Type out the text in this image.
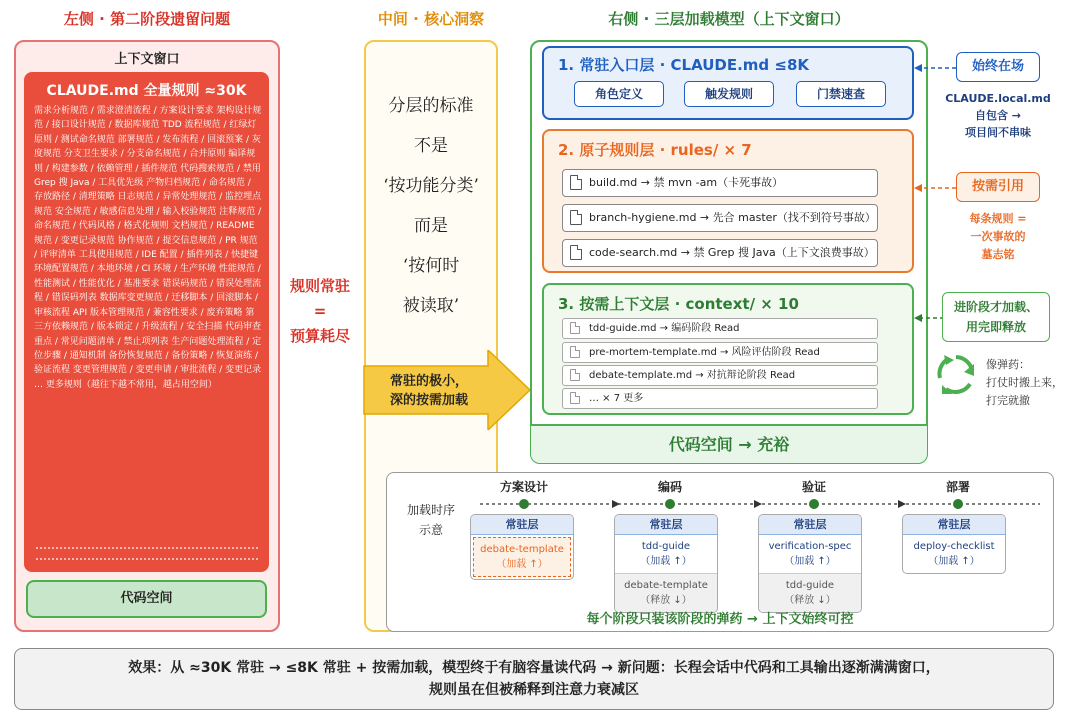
左侧 · 第二阶段遗留问题	中间 · 核心洞察	右侧 · 三层加载模型（上下文窗口）
上下文窗口
CLAUDE.md 全量规则 ≈30K
需求分析规范 / 需求澄清流程 / 方案设计要求 架构设计规范 / 接口设计规范 / 数据库规范 TDD 流程规范 / 红绿灯原则 / 测试命名规范 部署规范 / 发布流程 / 回滚预案 / 灰度规范 分支卫生要求 / 分支命名规范 / 合并原则 编译规则 / 构建参数 / 依赖管理 / 插件规范 代码搜索规范 / 禁用 Grep 搜 Java / 工具优先级 产物归档规范 / 命名规范 / 存放路径 / 清理策略 日志规范 / 异常处理规范 / 监控埋点规范 安全规范 / 敏感信息处理 / 输入校验规范 注释规范 / 命名规范 / 代码风格 / 格式化规则 文档规范 / README 规范 / 变更记录规范 协作规范 / 提交信息规范 / PR 规范 / 评审清单 工具使用规范 / IDE 配置 / 插件列表 / 快捷键 环境配置规范 / 本地环境 / CI 环境 / 生产环境 性能规范 / 性能测试 / 性能优化 / 基准要求 错误码规范 / 错误处理流程 / 错误码列表 数据库变更规范 / 迁移脚本 / 回滚脚本 / 审核流程 API 版本管理规范 / 兼容性要求 / 废弃策略 第三方依赖规范 / 版本锁定 / 升级流程 / 安全扫描 代码审查重点 / 常见问题清单 / 禁止项列表 生产问题处理流程 / 定位步骤 / 通知机制 备份恢复规范 / 备份策略 / 恢复演练 / 验证流程 变更管理规范 / 变更申请 / 审批流程 / 变更记录 … 更多规则（越往下越不常用，越占用空间）
代码空间
规则常驻
=
预算耗尽
分层的标准
不是
‘按功能分类’
而是
‘按何时
被读取’
常驻的极小，
深的按需加载
1. 常驻入口层 · CLAUDE.md ≤8K
角色定义	触发规则	门禁速查
2. 原子规则层 · rules/ × 7
build.md → 禁 mvn -am（卡死事故）
branch-hygiene.md → 先合 master（找不到符号事故）
code-search.md → 禁 Grep 搜 Java（上下文浪费事故）
3. 按需上下文层 · context/ × 10
tdd-guide.md → 编码阶段 Read
pre-mortem-template.md → 风险评估阶段 Read
debate-template.md → 对抗辩论阶段 Read
… × 7 更多
代码空间 → 充裕
始终在场
CLAUDE.local.md
自包含 →
项目间不串味
按需引用
每条规则 =
一次事故的
墓志铭
进阶段才加载、
用完即释放
像弹药：
打仗时搬上来，
打完就撤
加载时序
示意
方案设计	编码	验证	部署
常驻层
debate-template
（加载 ↑）
常驻层
tdd-guide
（加载 ↑）
debate-template
（释放 ↓）
常驻层
verification-spec
（加载 ↑）
tdd-guide
（释放 ↓）
常驻层
deploy-checklist
（加载 ↑）
每个阶段只装该阶段的弹药 → 上下文始终可控
效果：从 ≈30K 常驻 → ≤8K 常驻 + 按需加载，模型终于有脑容量读代码 → 新问题：长程会话中代码和工具输出逐渐满满窗口，
规则虽在但被稀释到注意力衰减区
